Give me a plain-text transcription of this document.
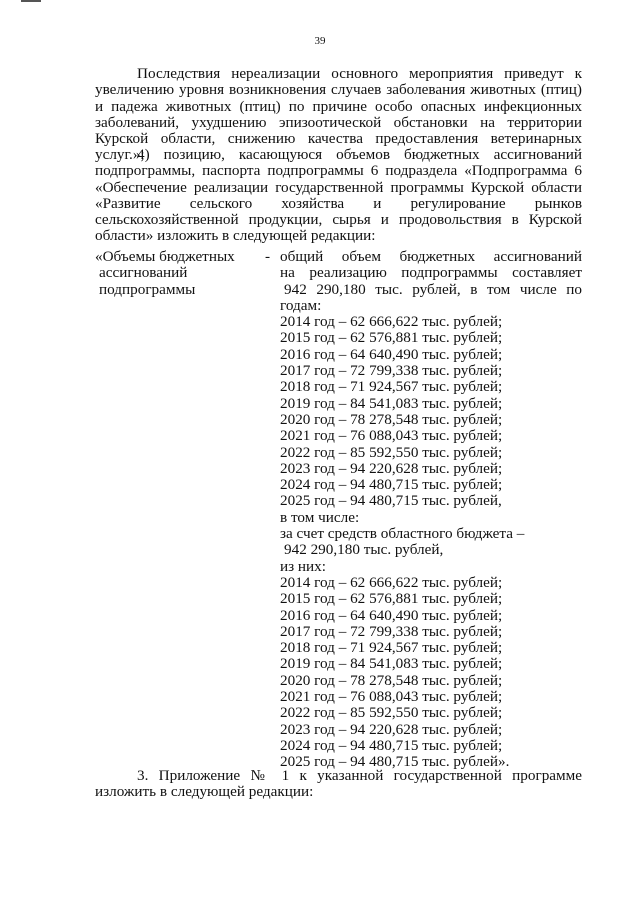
39

Последствия нереализации основного мероприятия приведут к увеличению уровня возникновения случаев заболевания животных (птиц) и падежа животных (птиц) по причине особо опасных инфекционных заболеваний, ухудшению эпизоотической обстановки на территории Курской области, снижению качества предоставления ветеринарных услуг.»;

4) позицию, касающуюся объемов бюджетных ассигнований подпрограммы, паспорта подпрограммы 6 подраздела «Подпрограмма 6 «Обеспечение реализации государственной программы Курской области «Развитие сельского хозяйства и регулирование рынков сельскохозяйственной продукции, сырья и продовольствия в Курской области» изложить в следующей редакции:

«Объемы бюджетных
ассигнований
подпрограммы
- общий объем бюджетных ассигнований
на реализацию подпрограммы составляет
942 290,180 тыс. рублей, в том числе по
годам:
2014 год – 62 666,622 тыс. рублей;
2015 год – 62 576,881 тыс. рублей;
2016 год – 64 640,490 тыс. рублей;
2017 год – 72 799,338 тыс. рублей;
2018 год – 71 924,567 тыс. рублей;
2019 год – 84 541,083 тыс. рублей;
2020 год – 78 278,548 тыс. рублей;
2021 год – 76 088,043 тыс. рублей;
2022 год – 85 592,550 тыс. рублей;
2023 год – 94 220,628 тыс. рублей;
2024 год – 94 480,715 тыс. рублей;
2025 год – 94 480,715 тыс. рублей,
в том числе:
за счет средств областного бюджета –
942 290,180 тыс. рублей,
из них:
2014 год – 62 666,622 тыс. рублей;
2015 год – 62 576,881 тыс. рублей;
2016 год – 64 640,490 тыс. рублей;
2017 год – 72 799,338 тыс. рублей;
2018 год – 71 924,567 тыс. рублей;
2019 год – 84 541,083 тыс. рублей;
2020 год – 78 278,548 тыс. рублей;
2021 год – 76 088,043 тыс. рублей;
2022 год – 85 592,550 тыс. рублей;
2023 год – 94 220,628 тыс. рублей;
2024 год – 94 480,715 тыс. рублей;
2025 год – 94 480,715 тыс. рублей».

3. Приложение № 1 к указанной государственной программе изложить в следующей редакции:
